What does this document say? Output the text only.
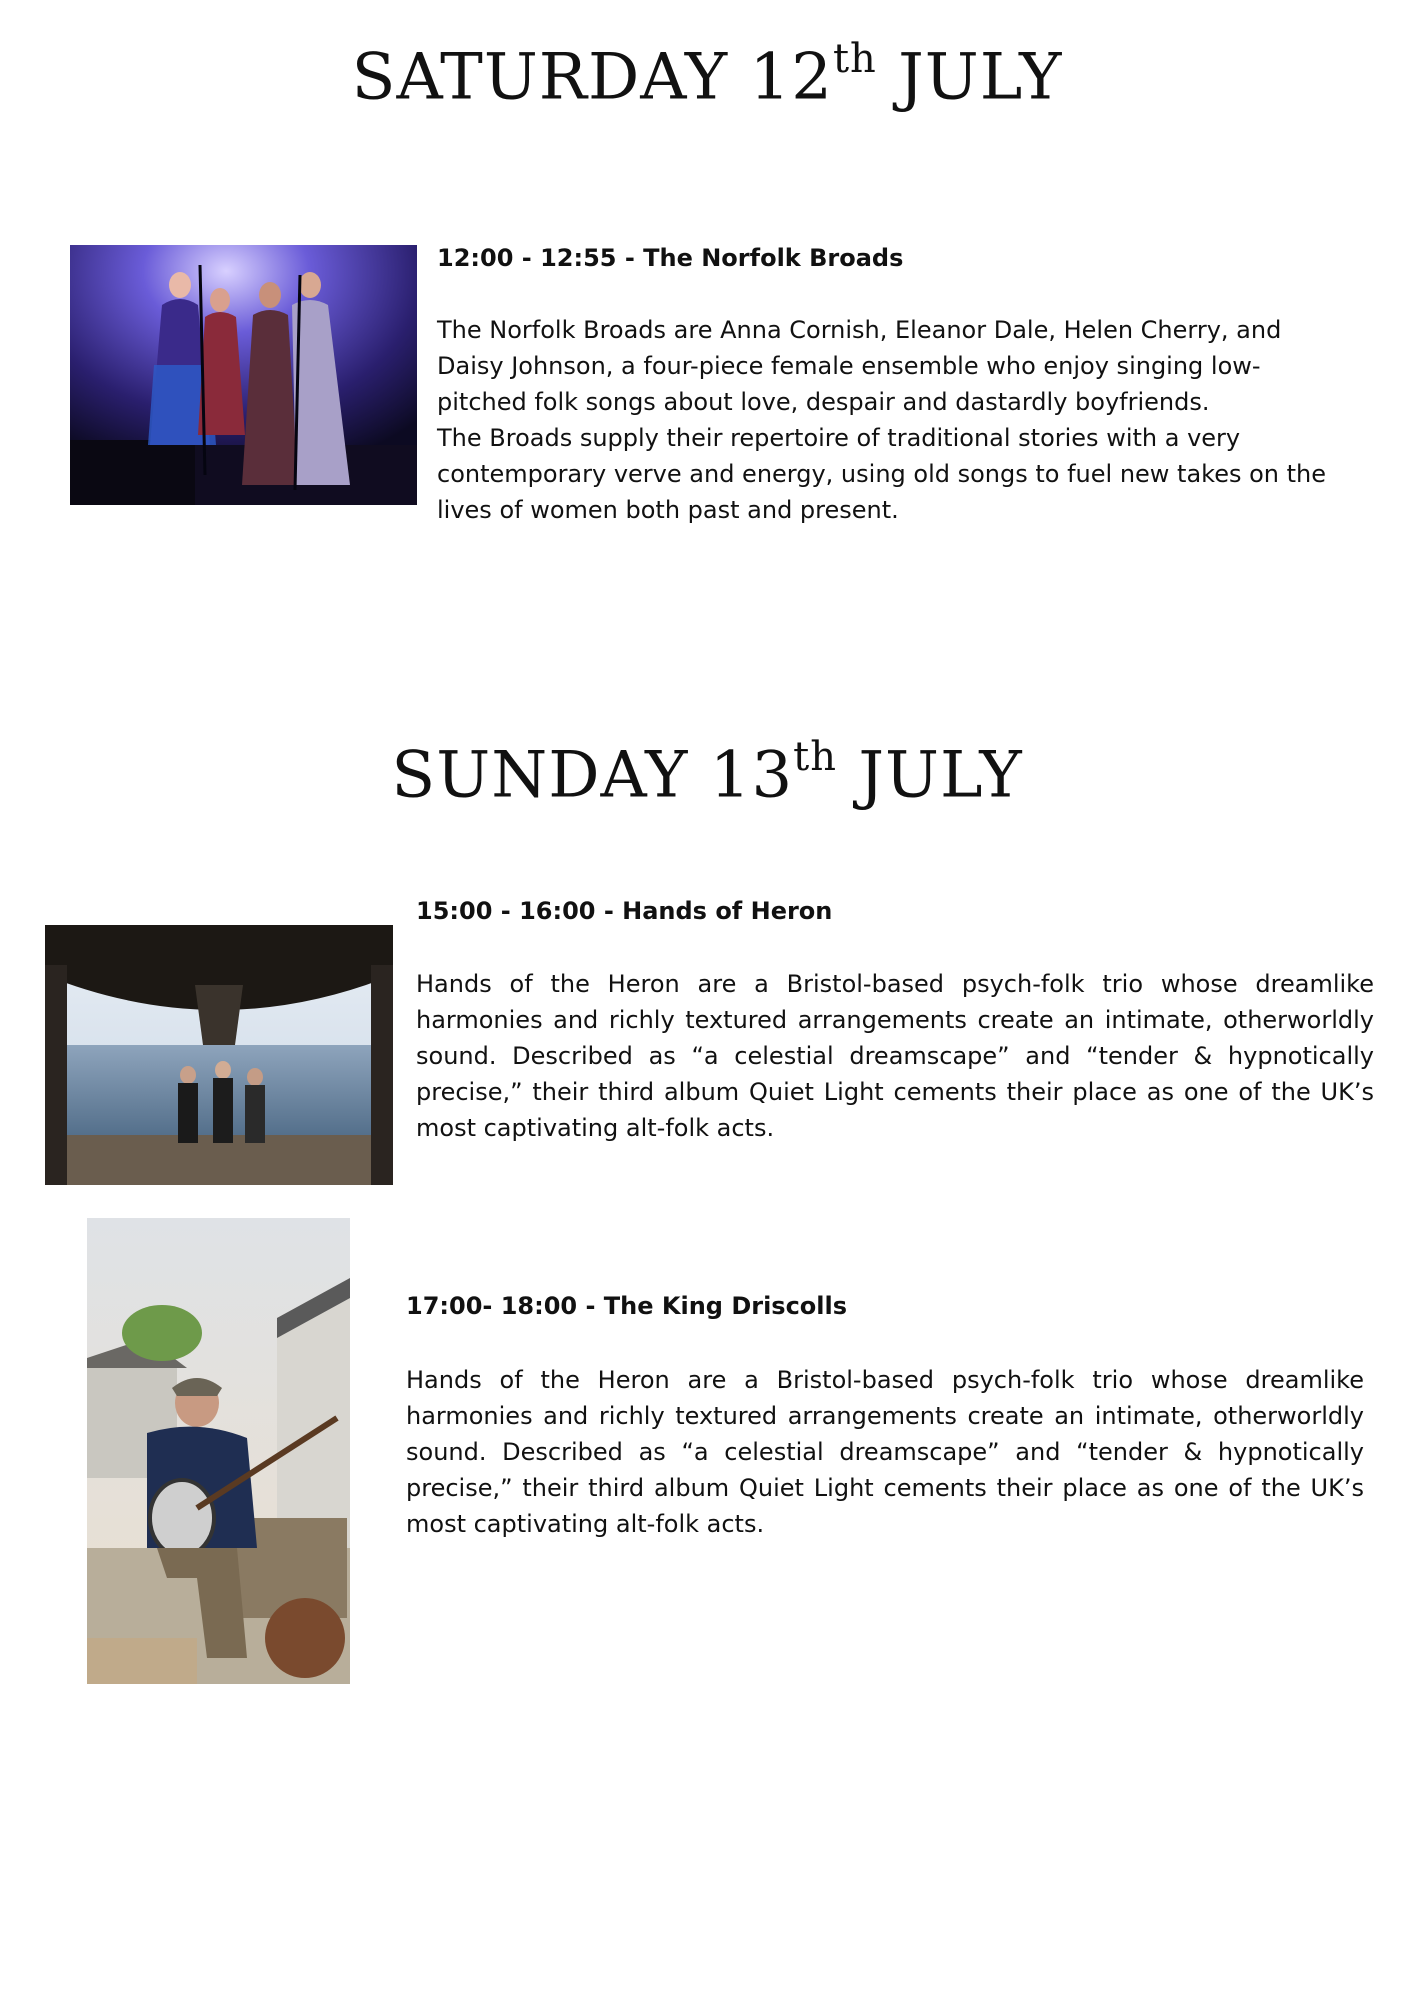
SATURDAY 12th JULY
12:00 - 12:55 - The Norfolk Broads
The Norfolk Broads are Anna Cornish, Eleanor Dale, Helen Cherry, and Daisy Johnson, a four-piece female ensemble who enjoy singing low-pitched folk songs about love, despair and dastardly boyfriends.
The Broads supply their repertoire of traditional stories with a very contemporary verve and energy, using old songs to fuel new takes on the lives of women both past and present.
SUNDAY 13th JULY
15:00 - 16:00 - Hands of Heron
Hands of the Heron are a Bristol-based psych-folk trio whose dreamlike harmonies and richly textured arrangements create an intimate, otherworldly sound. Described as “a celestial dreamscape” and “tender & hypnotically precise,” their third album Quiet Light cements their place as one of the UK’s most captivating alt-folk acts.
17:00- 18:00 - The King Driscolls
Hands of the Heron are a Bristol-based psych-folk trio whose dreamlike harmonies and richly textured arrangements create an intimate, otherworldly sound. Described as “a celestial dreamscape” and “tender & hypnotically precise,” their third album Quiet Light cements their place as one of the UK’s most captivating alt-folk acts.
